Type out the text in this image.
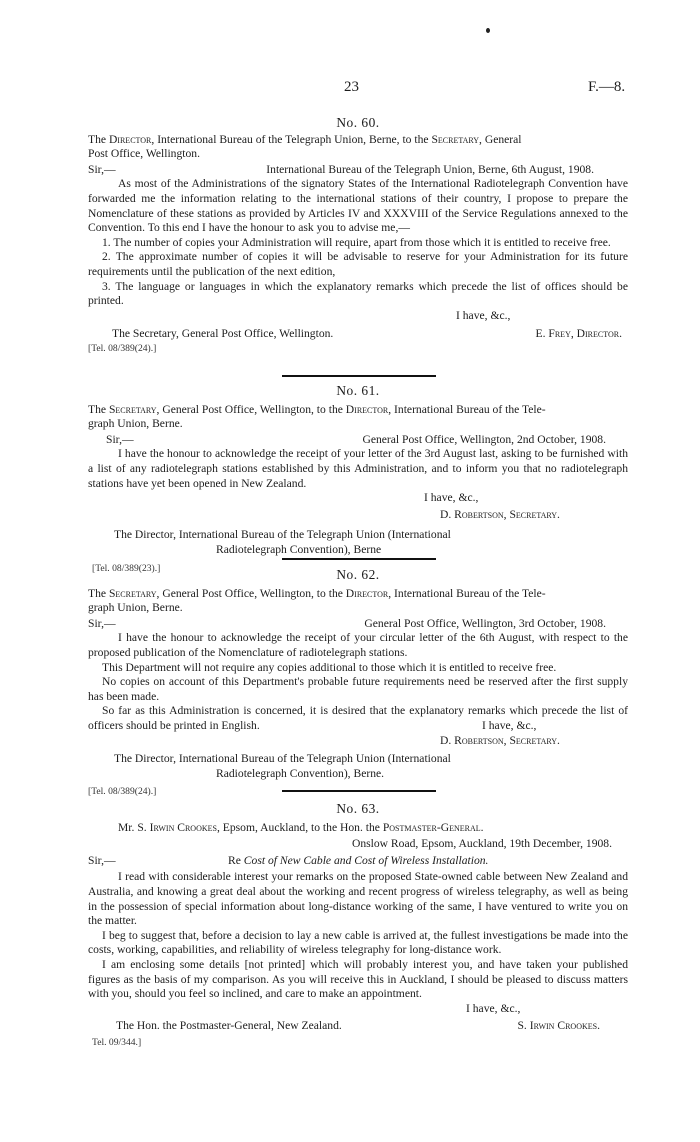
23	F.—8.

No. 60.

The Director, International Bureau of the Telegraph Union, Berne, to the Secretary, General
Post Office, Wellington.

Sir,—	International Bureau of the Telegraph Union, Berne, 6th August, 1908.

As most of the Administrations of the signatory States of the International Radiotelegraph Convention have forwarded me the information relating to the international stations of their country, I propose to prepare the Nomenclature of these stations as provided by Articles IV and XXXVIII of the Service Regulations annexed to the Convention. To this end I have the honour to ask you to advise me,—

1. The number of copies your Administration will require, apart from those which it is entitled to receive free.

2. The approximate number of copies it will be advisable to reserve for your Administration for its future requirements until the publication of the next edition,

3. The language or languages in which the explanatory remarks which precede the list of offices should be printed.

I have, &c.,

The Secretary, General Post Office, Wellington.	E. Frey, Director.

[Tel. 08/389(24).]

No. 61.

The Secretary, General Post Office, Wellington, to the Director, International Bureau of the Tele-
graph Union, Berne.

Sir,—	General Post Office, Wellington, 2nd October, 1908.

I have the honour to acknowledge the receipt of your letter of the 3rd August last, asking to be furnished with a list of any radiotelegraph stations established by this Administration, and to inform you that no radiotelegraph stations have yet been opened in New Zealand.

I have, &c.,

D. Robertson, Secretary.

The Director, International Bureau of the Telegraph Union (International

Radiotelegraph Convention), Berne

[Tel. 08/389(23).]	No. 62.

The Secretary, General Post Office, Wellington, to the Director, International Bureau of the Tele-
graph Union, Berne.

Sir,—	General Post Office, Wellington, 3rd October, 1908.

I have the honour to acknowledge the receipt of your circular letter of the 6th August, with respect to the proposed publication of the Nomenclature of radiotelegraph stations.

This Department will not require any copies additional to those which it is entitled to receive free.

No copies on account of this Department's probable future requirements need be reserved after the first supply has been made.

So far as this Administration is concerned, it is desired that the explanatory remarks which precede the list of officers should be printed in English.	I have, &c.,

D. Robertson, Secretary.

The Director, International Bureau of the Telegraph Union (International

Radiotelegraph Convention), Berne.

[Tel. 08/389(24).]

No. 63.

Mr. S. Irwin Crookes, Epsom, Auckland, to the Hon. the Postmaster-General.

Onslow Road, Epsom, Auckland, 19th December, 1908.

Sir,—	Re
Cost of New Cable and Cost of Wireless Installation.

I read with considerable interest your remarks on the proposed State-owned cable between New Zealand and Australia, and knowing a great deal about the working and recent progress of wireless telegraphy, as well as being in the possession of special information about long-distance working of the same, I have ventured to write you on the matter.

I beg to suggest that, before a decision to lay a new cable is arrived at, the fullest investigations be made into the costs, working, capabilities, and reliability of wireless telegraphy for long-distance work.

I am enclosing some details [not printed] which will probably interest you, and have taken your published figures as the basis of my comparison. As you will receive this in Auckland, I should be pleased to discuss matters with you, should you feel so inclined, and care to make an appointment.

I have, &c.,

The Hon. the Postmaster-General, New Zealand.	S. Irwin Crookes.

Tel. 09/344.]
